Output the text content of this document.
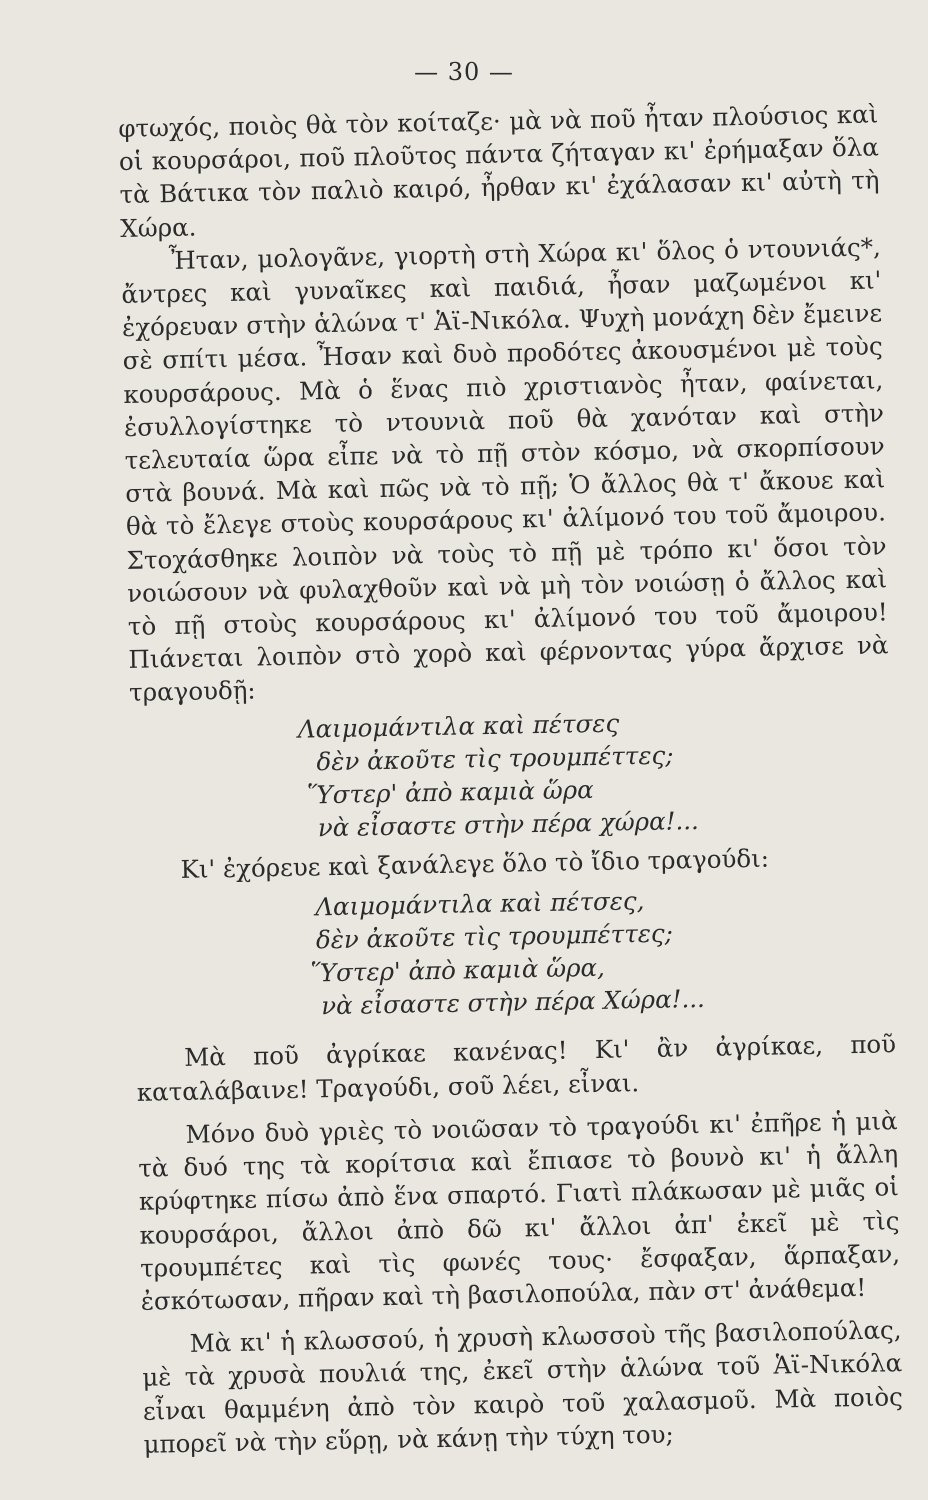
— 30 —

φτωχός, ποιὸς θὰ τὸν κοίταζε· μὰ νὰ ποῦ ἦταν πλούσιος καὶ οἱ κουρσάροι, ποῦ πλοῦτος πάντα ζήταγαν κι' ἐρήμαξαν ὅλα τὰ Βάτικα τὸν παλιὸ καιρό, ἦρθαν κι' ἐχάλασαν κι' αὐτὴ τὴ Χώρα.

Ἦταν, μολογᾶνε, γιορτὴ στὴ Χώρα κι' ὅλος ὁ ντουνιάς*, ἄντρες καὶ γυναῖκες καὶ παιδιά, ἦσαν μαζωμένοι κι' ἐχόρευαν στὴν ἁλώνα τ' Ἁϊ-Νικόλα. Ψυχὴ μονάχη δὲν ἔμεινε σὲ σπίτι μέσα. Ἦσαν καὶ δυὸ προδότες ἀκουσμένοι μὲ τοὺς κουρσάρους. Μὰ ὁ ἕνας πιὸ χριστιανὸς ἦταν, φαίνεται, ἐσυλλογίστηκε τὸ ντουνιὰ ποῦ θὰ χανόταν καὶ στὴν τελευταία ὥρα εἶπε νὰ τὸ πῇ στὸν κόσμο, νὰ σκορπίσουν στὰ βουνά. Μὰ καὶ πῶς νὰ τὸ πῇ; Ὁ ἄλλος θὰ τ' ἄκουε καὶ θὰ τὸ ἔλεγε στοὺς κουρσάρους κι' ἀλίμονό του τοῦ ἄμοιρου. Στοχάσθηκε λοιπὸν νὰ τοὺς τὸ πῇ μὲ τρόπο κι' ὅσοι τὸν νοιώσουν νὰ φυλαχθοῦν καὶ νὰ μὴ τὸν νοιώσῃ ὁ ἄλλος καὶ τὸ πῇ στοὺς κουρσάρους κι' ἀλίμονό του τοῦ ἄμοιρου! Πιάνεται λοιπὸν στὸ χορὸ καὶ φέρνοντας γύρα ἄρχισε νὰ τραγουδῇ:

Λαιμομάντιλα καὶ πέτσες
δὲν ἀκοῦτε τὶς τρουμπέττες;
Ὕστερ' ἀπὸ καμιὰ ὥρα
νὰ εἶσαστε στὴν πέρα χώρα!...

Κι' ἐχόρευε καὶ ξανάλεγε ὅλο τὸ ἴδιο τραγούδι:

Λαιμομάντιλα καὶ πέτσες,
δὲν ἀκοῦτε τὶς τρουμπέττες;
Ὕστερ' ἀπὸ καμιὰ ὥρα,
νὰ εἶσαστε στὴν πέρα Χώρα!...

Μὰ ποῦ ἀγρίκαε κανένας! Κι' ἂν ἀγρίκαε, ποῦ καταλάβαινε! Τραγούδι, σοῦ λέει, εἶναι.

Μόνο δυὸ γριὲς τὸ νοιῶσαν τὸ τραγούδι κι' ἐπῆρε ἡ μιὰ τὰ δυό της τὰ κορίτσια καὶ ἔπιασε τὸ βουνὸ κι' ἡ ἄλλη κρύφτηκε πίσω ἀπὸ ἕνα σπαρτό. Γιατὶ πλάκωσαν μὲ μιᾶς οἱ κουρσάροι, ἄλλοι ἀπὸ δῶ κι' ἄλλοι ἀπ' ἐκεῖ μὲ τὶς τρουμπέτες καὶ τὶς φωνές τους· ἔσφαξαν, ἅρπαξαν, ἐσκότωσαν, πῆραν καὶ τὴ βασιλοπούλα, πὰν στ' ἀνάθεμα!

Μὰ κι' ἡ κλωσσού, ἡ χρυσὴ κλωσσοὺ τῆς βασιλοπούλας, μὲ τὰ χρυσὰ πουλιά της, ἐκεῖ στὴν ἁλώνα τοῦ Ἁϊ-Νικόλα εἶναι θαμμένη ἀπὸ τὸν καιρὸ τοῦ χαλασμοῦ. Μὰ ποιὸς μπορεῖ νὰ τὴν εὕρῃ, νὰ κάνῃ τὴν τύχη του;
